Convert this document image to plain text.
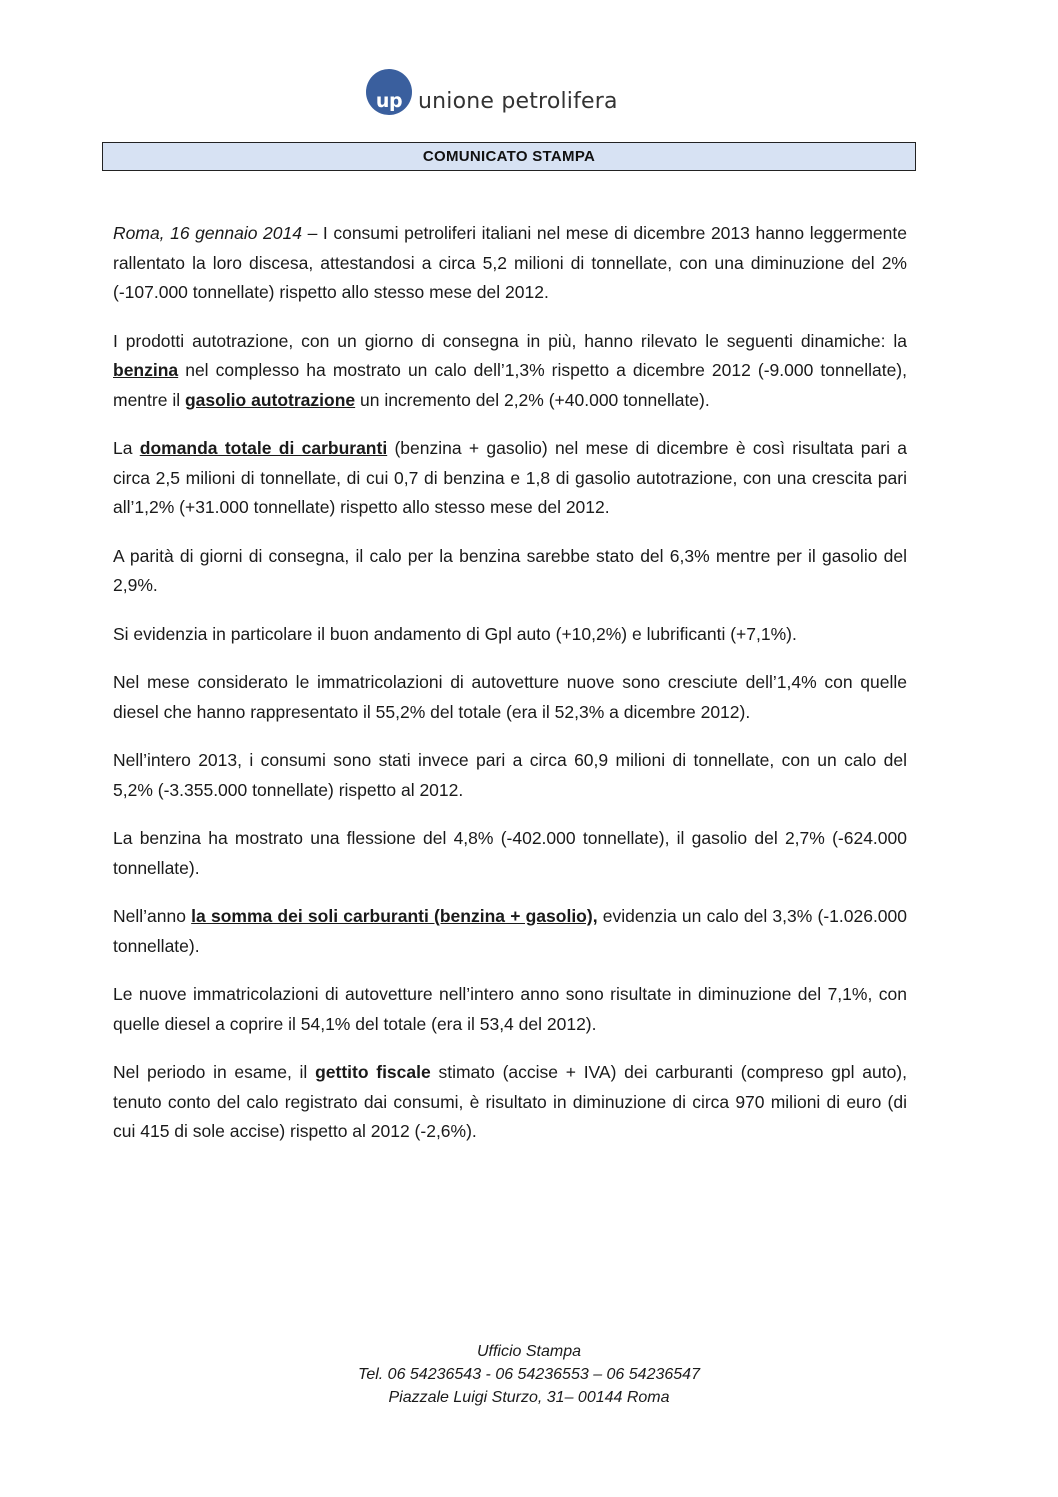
up unione petrolifera
COMUNICATO STAMPA

Roma, 16 gennaio 2014 – I consumi petroliferi italiani nel mese di dicembre 2013 hanno leggermente rallentato la loro discesa, attestandosi a circa 5,2 milioni di tonnellate, con una diminuzione del 2% (-107.000 tonnellate) rispetto allo stesso mese del 2012.

I prodotti autotrazione, con un giorno di consegna in più, hanno rilevato le seguenti dinamiche: la benzina nel complesso ha mostrato un calo dell’1,3% rispetto a dicembre 2012 (-9.000 tonnellate), mentre il gasolio autotrazione un incremento del 2,2% (+40.000 tonnellate).

La domanda totale di carburanti (benzina + gasolio) nel mese di dicembre è così risultata pari a circa 2,5 milioni di tonnellate, di cui 0,7 di benzina e 1,8 di gasolio autotrazione, con una crescita pari all’1,2% (+31.000 tonnellate) rispetto allo stesso mese del 2012.

A parità di giorni di consegna, il calo per la benzina sarebbe stato del 6,3% mentre per il gasolio del 2,9%.

Si evidenzia in particolare il buon andamento di Gpl auto (+10,2%) e lubrificanti (+7,1%).

Nel mese considerato le immatricolazioni di autovetture nuove sono cresciute dell’1,4% con quelle diesel che hanno rappresentato il 55,2% del totale (era il 52,3% a dicembre 2012).

Nell’intero 2013, i consumi sono stati invece pari a circa 60,9 milioni di tonnellate, con un calo del 5,2% (-3.355.000 tonnellate) rispetto al 2012.

La benzina ha mostrato una flessione del 4,8% (-402.000 tonnellate), il gasolio del 2,7% (-624.000 tonnellate).

Nell’anno la somma dei soli carburanti (benzina + gasolio), evidenzia un calo del 3,3% (-1.026.000 tonnellate).

Le nuove immatricolazioni di autovetture nell’intero anno sono risultate in diminuzione del 7,1%, con quelle diesel a coprire il 54,1% del totale (era il 53,4 del 2012).

Nel periodo in esame, il gettito fiscale stimato (accise + IVA) dei carburanti (compreso gpl auto), tenuto conto del calo registrato dai consumi, è risultato in diminuzione di circa 970 milioni di euro (di cui 415 di sole accise) rispetto al 2012 (-2,6%).

Ufficio Stampa
Tel. 06 54236543 - 06 54236553 – 06 54236547
Piazzale Luigi Sturzo, 31– 00144 Roma
